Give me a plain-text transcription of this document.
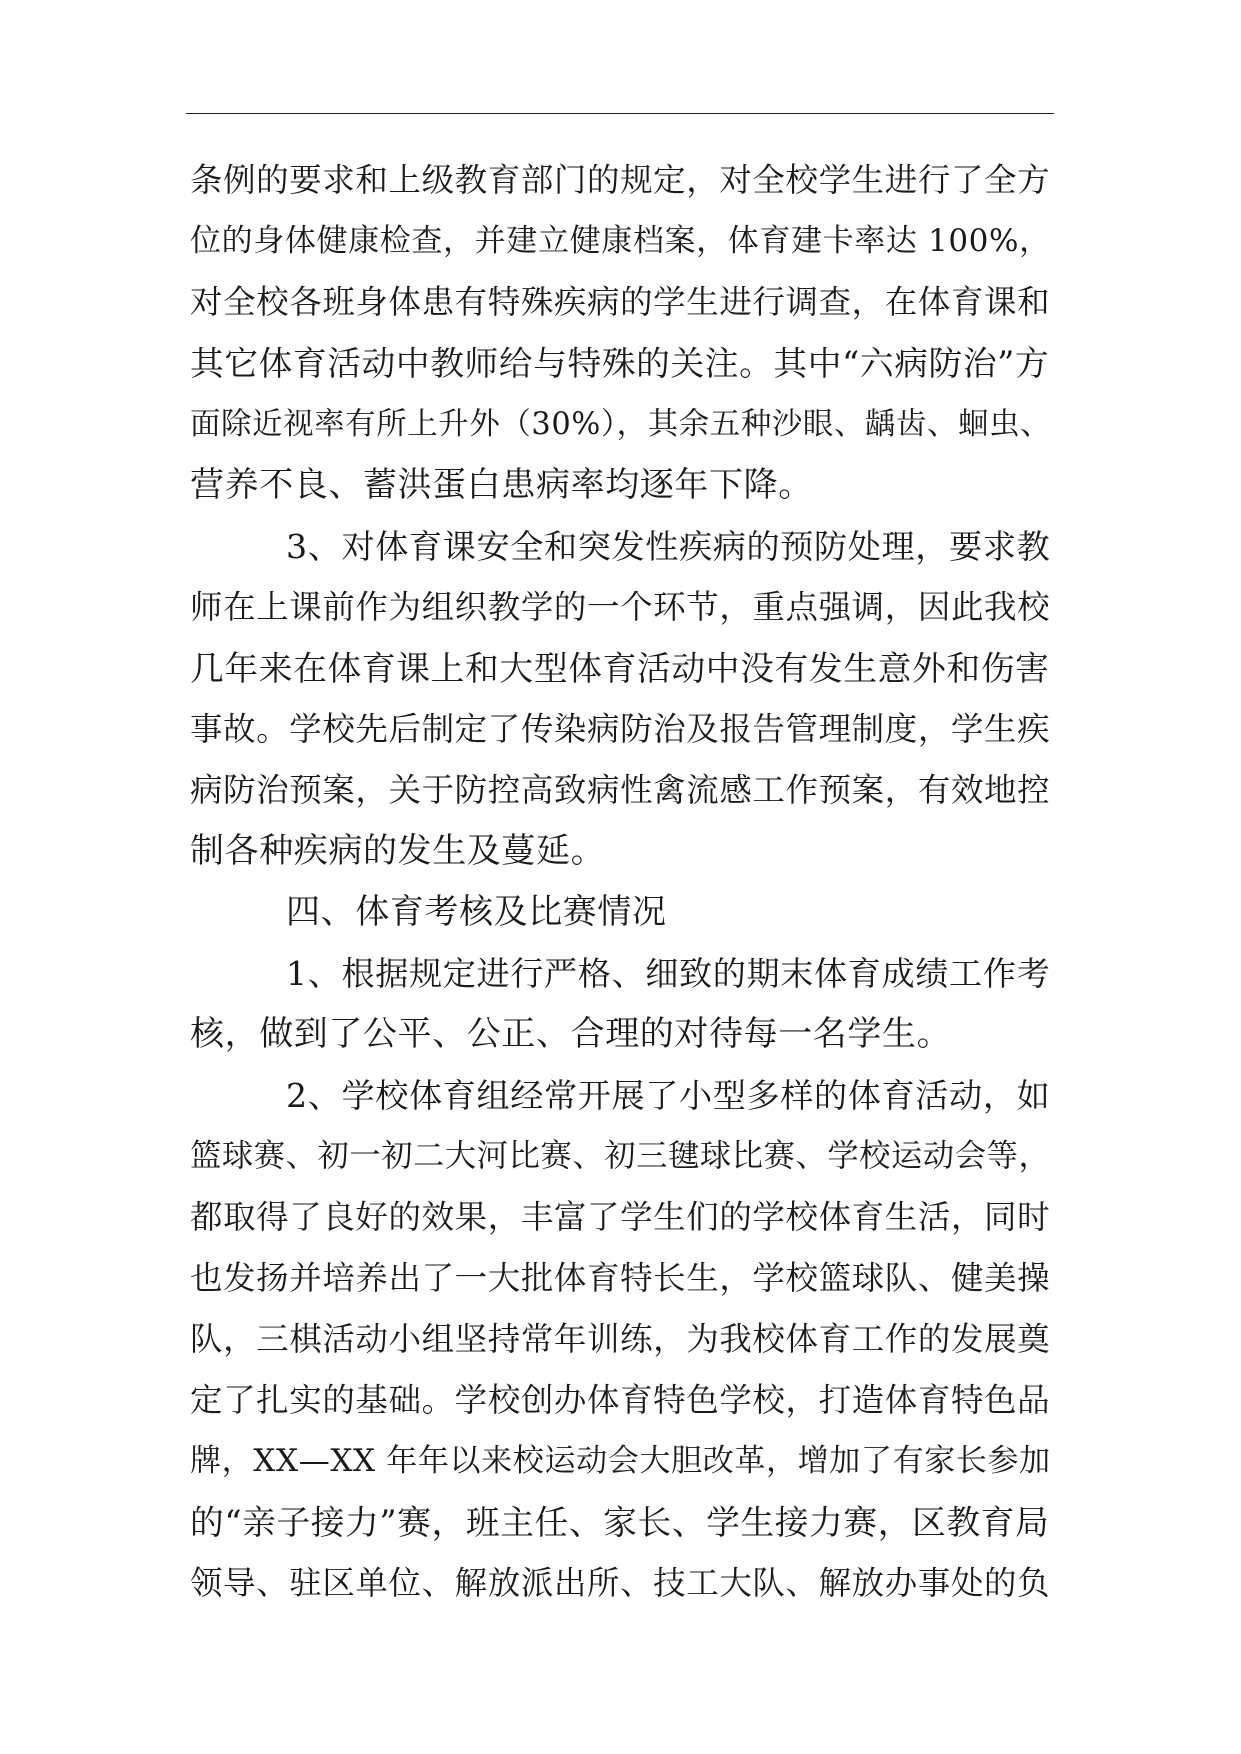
条例的要求和上级教育部门的规定，对全校学生进行了全方
位的身体健康检查，并建立健康档案，体育建卡率达 100%，
对全校各班身体患有特殊疾病的学生进行调查，在体育课和
其它体育活动中教师给与特殊的关注。其中“六病防治”方
面除近视率有所上升外（30%），其余五种沙眼、龋齿、蛔虫、
营养不良、蓄洪蛋白患病率均逐年下降。

3、对体育课安全和突发性疾病的预防处理，要求教
师在上课前作为组织教学的一个环节，重点强调，因此我校
几年来在体育课上和大型体育活动中没有发生意外和伤害
事故。学校先后制定了传染病防治及报告管理制度，学生疾
病防治预案，关于防控高致病性禽流感工作预案，有效地控
制各种疾病的发生及蔓延。

四、体育考核及比赛情况

1、根据规定进行严格、细致的期末体育成绩工作考
核，做到了公平、公正、合理的对待每一名学生。

2、学校体育组经常开展了小型多样的体育活动，如
篮球赛、初一初二大河比赛、初三毽球比赛、学校运动会等，
都取得了良好的效果，丰富了学生们的学校体育生活，同时
也发扬并培养出了一大批体育特长生，学校篮球队、健美操
队，三棋活动小组坚持常年训练，为我校体育工作的发展奠
定了扎实的基础。学校创办体育特色学校，打造体育特色品
牌，XX—XX 年年以来校运动会大胆改革，增加了有家长参加
的“亲子接力”赛，班主任、家长、学生接力赛，区教育局
领导、驻区单位、解放派出所、技工大队、解放办事处的负
